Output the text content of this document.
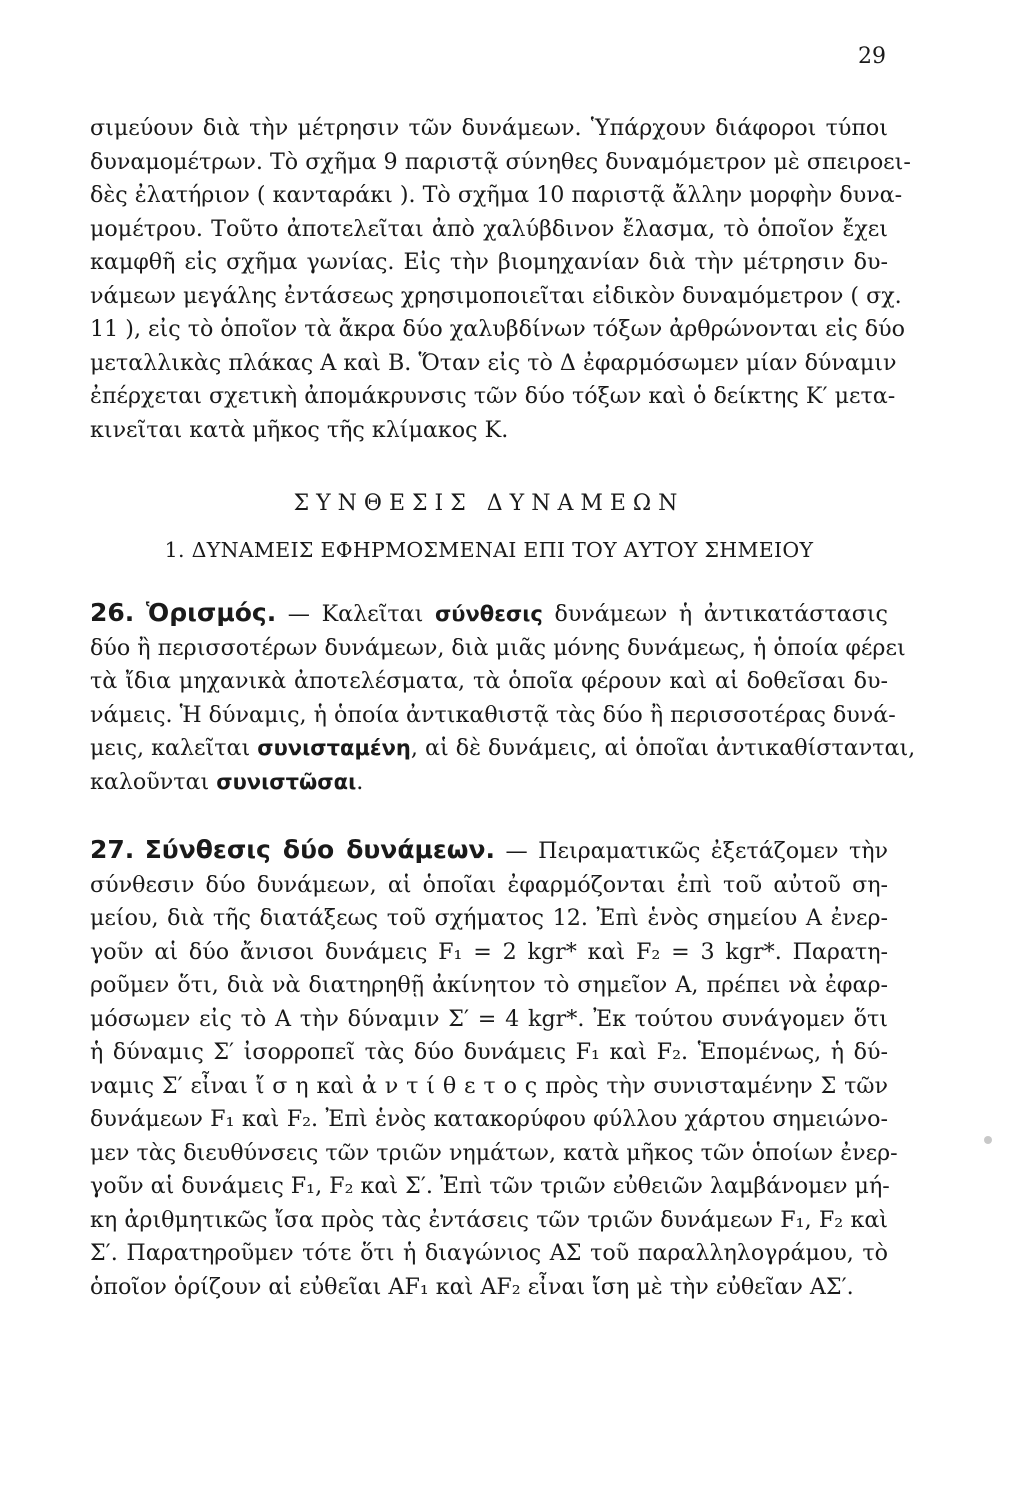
29

σιμεύουν διὰ τὴν μέτρησιν τῶν δυνάμεων. Ὑπάρχουν διάφοροι τύποι
δυναμομέτρων. Τὸ σχῆμα 9 παριστᾷ σύνηθες δυναμόμετρον μὲ σπειροει-
δὲς ἐλατήριον ( κανταράκι ). Τὸ σχῆμα 10 παριστᾷ ἄλλην μορφὴν δυνα-
μομέτρου. Τοῦτο ἀποτελεῖται ἀπὸ χαλύβδινον ἔλασμα, τὸ ὁποῖον ἔχει
καμφθῆ εἰς σχῆμα γωνίας. Εἰς τὴν βιομηχανίαν διὰ τὴν μέτρησιν δυ-
νάμεων μεγάλης ἐντάσεως χρησιμοποιεῖται εἰδικὸν δυναμόμετρον ( σχ.
11 ), εἰς τὸ ὁποῖον τὰ ἄκρα δύο χαλυβδίνων τόξων ἀρθρώνονται εἰς δύο
μεταλλικὰς πλάκας Α καὶ Β. Ὅταν εἰς τὸ Δ ἐφαρμόσωμεν μίαν δύναμιν
ἐπέρχεται σχετικὴ ἀπομάκρυνσις τῶν δύο τόξων καὶ ὁ δείκτης Κ′ μετα-
κινεῖται κατὰ μῆκος τῆς κλίμακος Κ.

ΣΥΝΘΕΣΙΣ ΔΥΝΑΜΕΩΝ
1. ΔΥΝΑΜΕΙΣ ΕΦΗΡΜΟΣΜΕΝΑΙ ΕΠΙ ΤΟΥ ΑΥΤΟΥ ΣΗΜΕΙΟΥ

26. Ὁρισμός. — Καλεῖται σύνθεσις δυνάμεων ἡ ἀντικατάστασις
δύο ἢ περισσοτέρων δυνάμεων, διὰ μιᾶς μόνης δυνάμεως, ἡ ὁποία φέρει
τὰ ἴδια μηχανικὰ ἀποτελέσματα, τὰ ὁποῖα φέρουν καὶ αἱ δοθεῖσαι δυ-
νάμεις. Ἡ δύναμις, ἡ ὁποία ἀντικαθιστᾷ τὰς δύο ἢ περισσοτέρας δυνά-
μεις, καλεῖται συνισταμένη, αἱ δὲ δυνάμεις, αἱ ὁποῖαι ἀντικαθίστανται,
καλοῦνται συνιστῶσαι.

27. Σύνθεσις δύο δυνάμεων. — Πειραματικῶς ἐξετάζομεν τὴν
σύνθεσιν δύο δυνάμεων, αἱ ὁποῖαι ἐφαρμόζονται ἐπὶ τοῦ αὐτοῦ ση-
μείου, διὰ τῆς διατάξεως τοῦ σχήματος 12. Ἐπὶ ἑνὸς σημείου Α ἐνερ-
γοῦν αἱ δύο ἄνισοι δυνάμεις F₁ = 2 kgr* καὶ F₂ = 3 kgr*. Παρατη-
ροῦμεν ὅτι, διὰ νὰ διατηρηθῇ ἀκίνητον τὸ σημεῖον Α, πρέπει νὰ ἐφαρ-
μόσωμεν εἰς τὸ Α τὴν δύναμιν Σ′ = 4 kgr*. Ἐκ τούτου συνάγομεν ὅτι
ἡ δύναμις Σ′ ἰσορροπεῖ τὰς δύο δυνάμεις F₁ καὶ F₂. Ἑπομένως, ἡ δύ-
ναμις Σ′ εἶναι ἴ σ η καὶ ἀ ν τ ί θ ε τ ο ς πρὸς τὴν συνισταμένην Σ τῶν
δυνάμεων F₁ καὶ F₂. Ἐπὶ ἑνὸς κατακορύφου φύλλου χάρτου σημειώνο-
μεν τὰς διευθύνσεις τῶν τριῶν νημάτων, κατὰ μῆκος τῶν ὁποίων ἐνερ-
γοῦν αἱ δυνάμεις F₁, F₂ καὶ Σ′. Ἐπὶ τῶν τριῶν εὐθειῶν λαμβάνομεν μή-
κη ἀριθμητικῶς ἴσα πρὸς τὰς ἐντάσεις τῶν τριῶν δυνάμεων F₁, F₂ καὶ
Σ′. Παρατηροῦμεν τότε ὅτι ἡ διαγώνιος ΑΣ τοῦ παραλληλογράμου, τὸ
ὁποῖον ὁρίζουν αἱ εὐθεῖαι AF₁ καὶ AF₂ εἶναι ἴση μὲ τὴν εὐθεῖαν ΑΣ′.
